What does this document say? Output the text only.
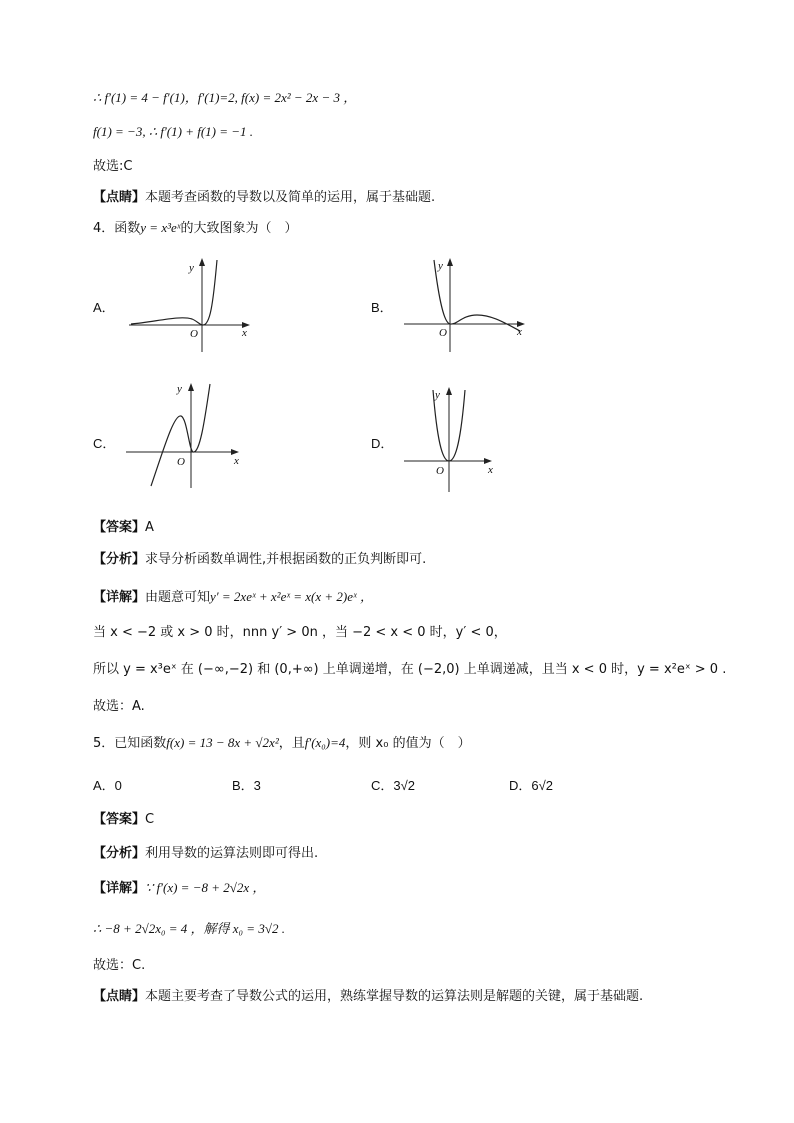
∴ f′(1) = 4 − f′(1)，f′(1)=2, f(x) = 2x² − 2x − 3 ，
f(1) = −3, ∴ f′(1) + f(1) = −1 .
故选:C
【点睛】本题考查函数的导数以及简单的运用，属于基础题.
4．函数y = x³eˣ的大致图象为（　）
A．	B．
C．	D．
x
y
O	x
y
O
x
y
O
x
y
O
【答案】A
【分析】求导分析函数单调性,并根据函数的正负判断即可.
【详解】由题意可知y′ = 2xeˣ + x²eˣ = x(x + 2)eˣ ，
当 x < −2 或 x > 0 时，nnn y′ > 0n ，当 −2 < x < 0 时，y′ < 0，
所以 y = x³eˣ 在 (−∞,−2) 和 (0,+∞) 上单调递增，在 (−2,0) 上单调递减，且当 x < 0 时，y = x²eˣ > 0 .
故选：A.
5．已知函数f(x) = 13 − 8x + √2x²，且f′(x₀)=4，则 x₀ 的值为（　）
A．0	B．3	C．3√2	D．6√2
【答案】C
【分析】利用导数的运算法则即可得出.
【详解】∵ f′(x) = −8 + 2√2x ，
∴ −8 + 2√2x₀ = 4 ，解得 x₀ = 3√2 .
故选：C.
【点睛】本题主要考查了导数公式的运用，熟练掌握导数的运算法则是解题的关键，属于基础题.
